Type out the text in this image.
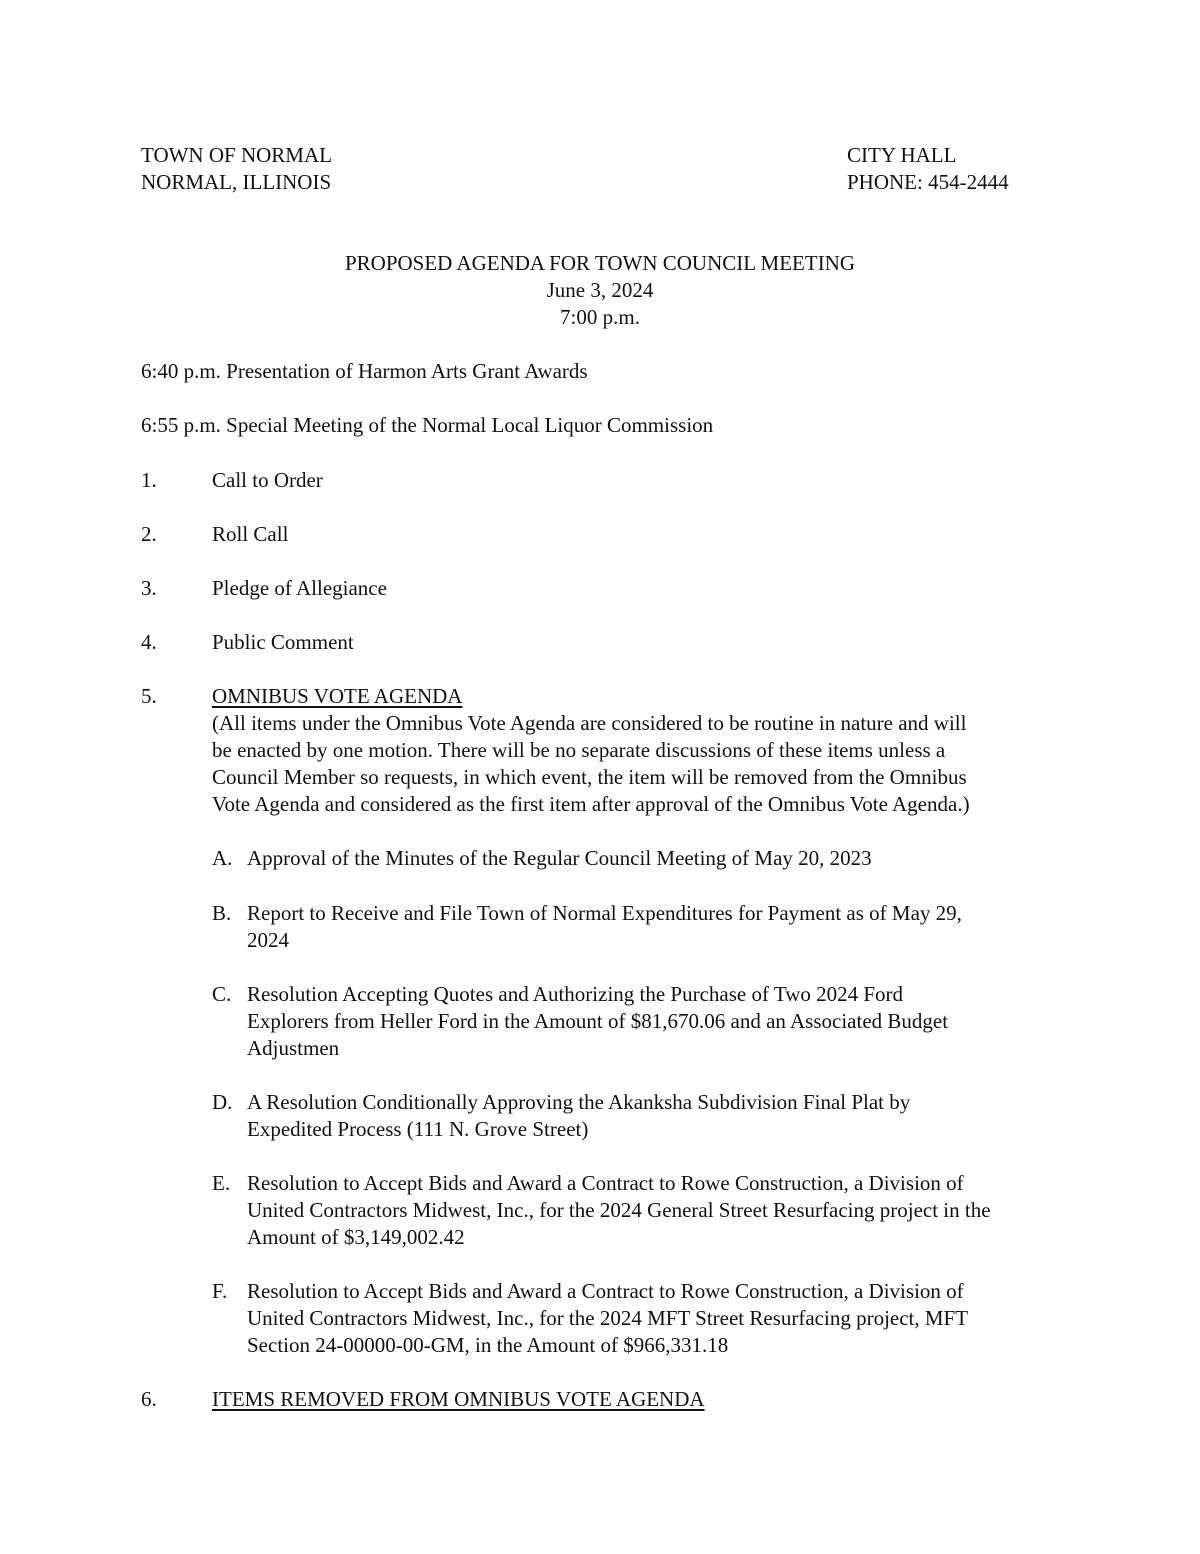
TOWN OF NORMAL
NORMAL, ILLINOIS
CITY HALL
PHONE: 454-2444
PROPOSED AGENDA FOR TOWN COUNCIL MEETING
June 3, 2024
7:00 p.m.
6:40 p.m. Presentation of Harmon Arts Grant Awards
6:55 p.m. Special Meeting of the Normal Local Liquor Commission
1.	Call to Order
2.	Roll Call
3.	Pledge of Allegiance
4.	Public Comment
5.	OMNIBUS VOTE AGENDA
(All items under the Omnibus Vote Agenda are considered to be routine in nature and will
be enacted by one motion. There will be no separate discussions of these items unless a
Council Member so requests, in which event, the item will be removed from the Omnibus
Vote Agenda and considered as the first item after approval of the Omnibus Vote Agenda.)
A. Approval of the Minutes of the Regular Council Meeting of May 20, 2023
B. Report to Receive and File Town of Normal Expenditures for Payment as of May 29,
2024
C. Resolution Accepting Quotes and Authorizing the Purchase of Two 2024 Ford
Explorers from Heller Ford in the Amount of $81,670.06 and an Associated Budget
Adjustmen
D. A Resolution Conditionally Approving the Akanksha Subdivision Final Plat by
Expedited Process (111 N. Grove Street)
E. Resolution to Accept Bids and Award a Contract to Rowe Construction, a Division of
United Contractors Midwest, Inc., for the 2024 General Street Resurfacing project in the
Amount of $3,149,002.42
F. Resolution to Accept Bids and Award a Contract to Rowe Construction, a Division of
United Contractors Midwest, Inc., for the 2024 MFT Street Resurfacing project, MFT
Section 24-00000-00-GM, in the Amount of $966,331.18
6.	ITEMS REMOVED FROM OMNIBUS VOTE AGENDA
